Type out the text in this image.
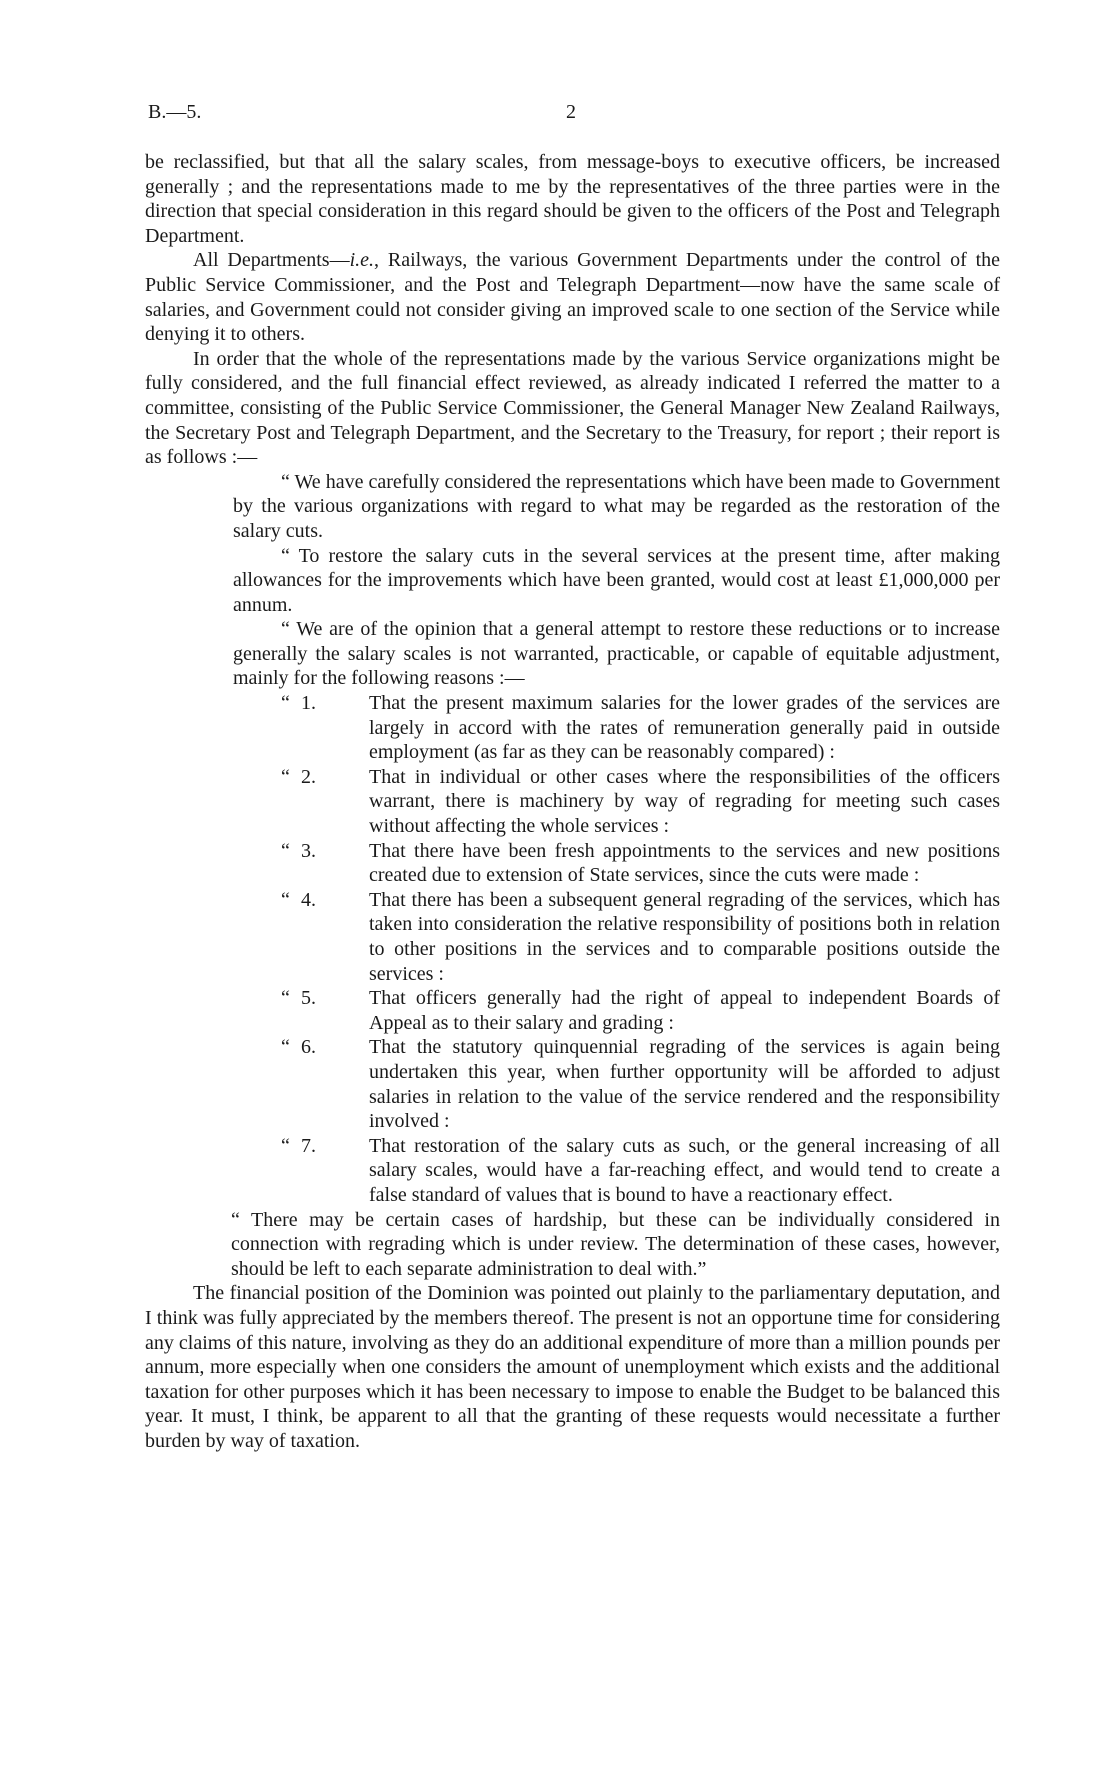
B.—5.	2

be reclassified, but that all the salary scales, from message-boys to executive officers, be increased generally ; and the representations made to me by the representatives of the three parties were in the direction that special consideration in this regard should be given to the officers of the Post and Telegraph Department.

All Departments—i.e., Railways, the various Government Departments under the control of the Public Service Commissioner, and the Post and Telegraph Department—now have the same scale of salaries, and Government could not consider giving an improved scale to one section of the Service while denying it to others.

In order that the whole of the representations made by the various Service organizations might be fully considered, and the full financial effect reviewed, as already indicated I referred the matter to a committee, consisting of the Public Service Commissioner, the General Manager New Zealand Railways, the Secretary Post and Telegraph Department, and the Secretary to the Treasury, for report ; their report is as follows :—

“ We have carefully considered the representations which have been made to Government by the various organizations with regard to what may be regarded as the restoration of the salary cuts.

“ To restore the salary cuts in the several services at the present time, after making allowances for the improvements which have been granted, would cost at least £1,000,000 per annum.

“ We are of the opinion that a general attempt to restore these reductions or to increase generally the salary scales is not warranted, practicable, or capable of equitable adjustment, mainly for the following reasons :—

“ 1.	That the present maximum salaries for the lower grades of the services are largely in accord with the rates of remuneration generally paid in outside employment (as far as they can be reasonably compared) :

“ 2.	That in individual or other cases where the responsibilities of the officers warrant, there is machinery by way of regrading for meeting such cases without affecting the whole services :

“ 3.	That there have been fresh appointments to the services and new positions created due to extension of State services, since the cuts were made :

“ 4.	That there has been a subsequent general regrading of the services, which has taken into consideration the relative responsibility of positions both in relation to other positions in the services and to comparable positions outside the services :

“ 5.	That officers generally had the right of appeal to independent Boards of Appeal as to their salary and grading :

“ 6.	That the statutory quinquennial regrading of the services is again being undertaken this year, when further opportunity will be afforded to adjust salaries in relation to the value of the service rendered and the responsibility involved :

“ 7.	That restoration of the salary cuts as such, or the general increasing of all salary scales, would have a far-reaching effect, and would tend to create a false standard of values that is bound to have a reactionary effect.

“ There may be certain cases of hardship, but these can be individually considered in connection with regrading which is under review. The determination of these cases, however, should be left to each separate administration to deal with.”

The financial position of the Dominion was pointed out plainly to the parliamentary deputation, and I think was fully appreciated by the members thereof. The present is not an opportune time for considering any claims of this nature, involving as they do an additional expenditure of more than a million pounds per annum, more especially when one considers the amount of unemployment which exists and the additional taxation for other purposes which it has been necessary to impose to enable the Budget to be balanced this year. It must, I think, be apparent to all that the granting of these requests would necessitate a further burden by way of taxation.
